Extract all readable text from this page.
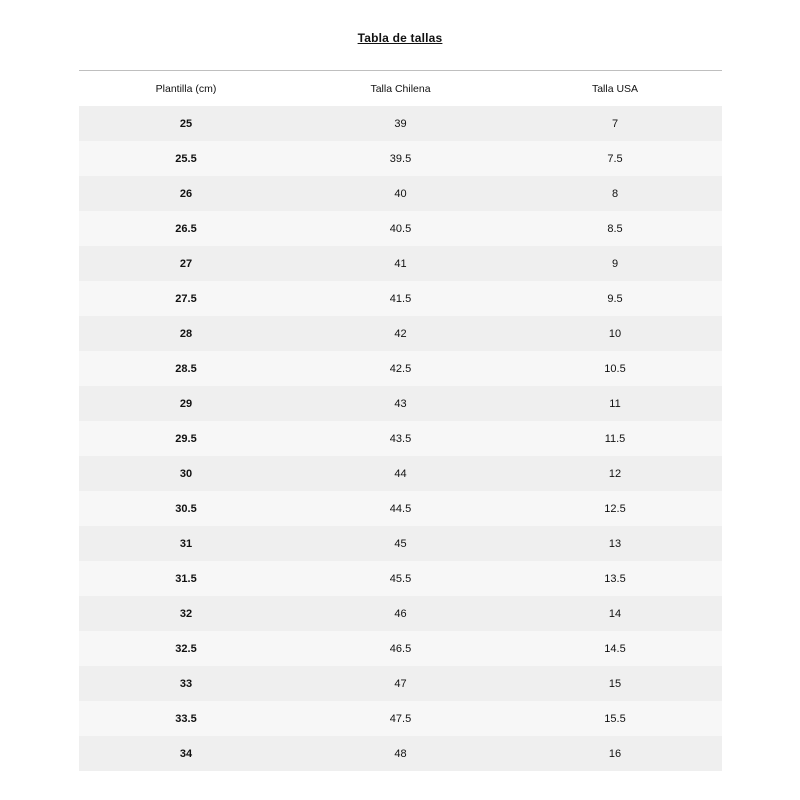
Tabla de tallas
Plantilla (cm)	Talla Chilena	Talla USA
25	39	7
25.5	39.5	7.5
26	40	8
26.5	40.5	8.5
27	41	9
27.5	41.5	9.5
28	42	10
28.5	42.5	10.5
29	43	11
29.5	43.5	11.5
30	44	12
30.5	44.5	12.5
31	45	13
31.5	45.5	13.5
32	46	14
32.5	46.5	14.5
33	47	15
33.5	47.5	15.5
34	48	16
